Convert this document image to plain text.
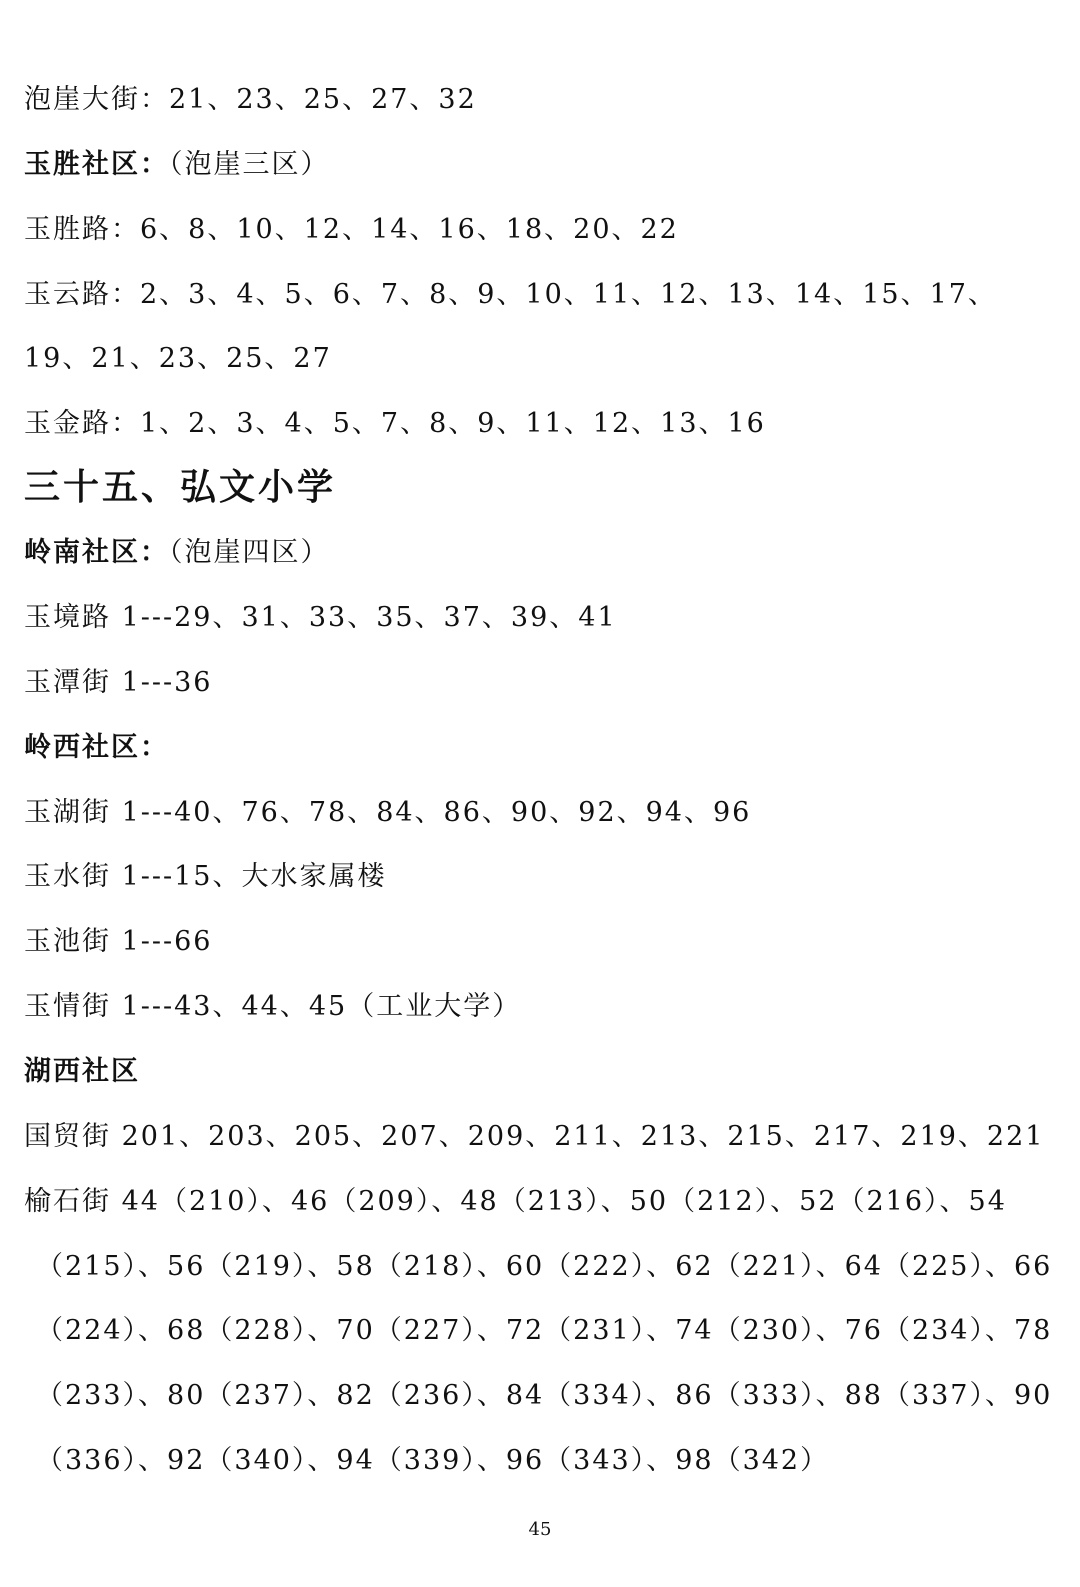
泡崖大街：21、23、25、27、32
玉胜社区：（泡崖三区）
玉胜路：6、8、10、12、14、16、18、20、22
玉云路：2、3、4、5、6、7、8、9、10、11、12、13、14、15、17、
19、21、23、25、27
玉金路：1、2、3、4、5、7、8、9、11、12、13、16
三十五、弘文小学
岭南社区：（泡崖四区）
玉境路 1---29、31、33、35、37、39、41
玉潭街 1---36
岭西社区：
玉湖街 1---40、76、78、84、86、90、92、94、96
玉水街 1---15、大水家属楼
玉池街 1---66
玉情街 1---43、44、45（工业大学）
湖西社区
国贸街 201、203、205、207、209、211、213、215、217、219、221
榆石街 44（210）、46（209）、48（213）、50（212）、52（216）、54
（215）、56（219）、58（218）、60（222）、62（221）、64（225）、66
（224）、68（228）、70（227）、72（231）、74（230）、76（234）、78
（233）、80（237）、82（236）、84（334）、86（333）、88（337）、90
（336）、92（340）、94（339）、96（343）、98（342）
45
